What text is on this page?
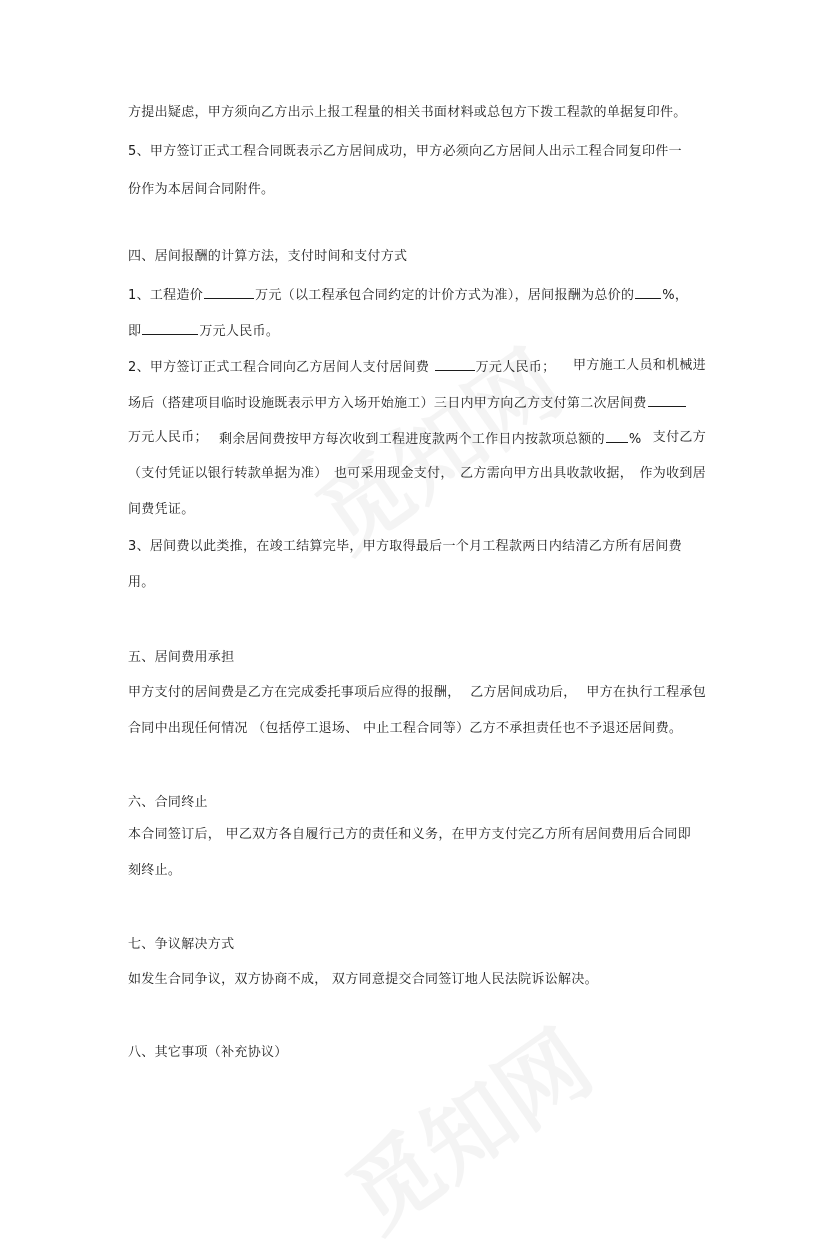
方提出疑虑，甲方须向乙方出示上报工程量的相关书面材料或总包方下拨工程款的单据复印件。
5、甲方签订正式工程合同既表示乙方居间成功，甲方必须向乙方居间人出示工程合同复印件一
份作为本居间合同附件。
四、居间报酬的计算方法，支付时间和支付方式
1、工程造价	万元（以工程承包合同约定的计价方式为准），居间报酬为总价的 %，
即	万元人民币。
2、甲方签订正式工程合同向乙方居间人支付居间费	万元人民币； 甲方施工人员和机械进
场后（搭建项目临时设施既表示甲方入场开始施工）三日内甲方向乙方支付第二次居间费
万元人民币； 剩余居间费按甲方每次收到工程进度款两个工作日内按款项总额的 % 支付乙方
（支付凭证以银行转款单据为准） 也可采用现金支付， 乙方需向甲方出具收款收据， 作为收到居
间费凭证。
3、居间费以此类推，在竣工结算完毕，甲方取得最后一个月工程款两日内结清乙方所有居间费
用。
五、居间费用承担
甲方支付的居间费是乙方在完成委托事项后应得的报酬， 乙方居间成功后， 甲方在执行工程承包
合同中出现任何情况 （包括停工退场、 中止工程合同等）乙方不承担责任也不予退还居间费。
六、合同终止
本合同签订后， 甲乙双方各自履行己方的责任和义务，在甲方支付完乙方所有居间费用后合同即
刻终止。
七、争议解决方式
如发生合同争议，双方协商不成， 双方同意提交合同签订地人民法院诉讼解决。
八、其它事项（补充协议）
